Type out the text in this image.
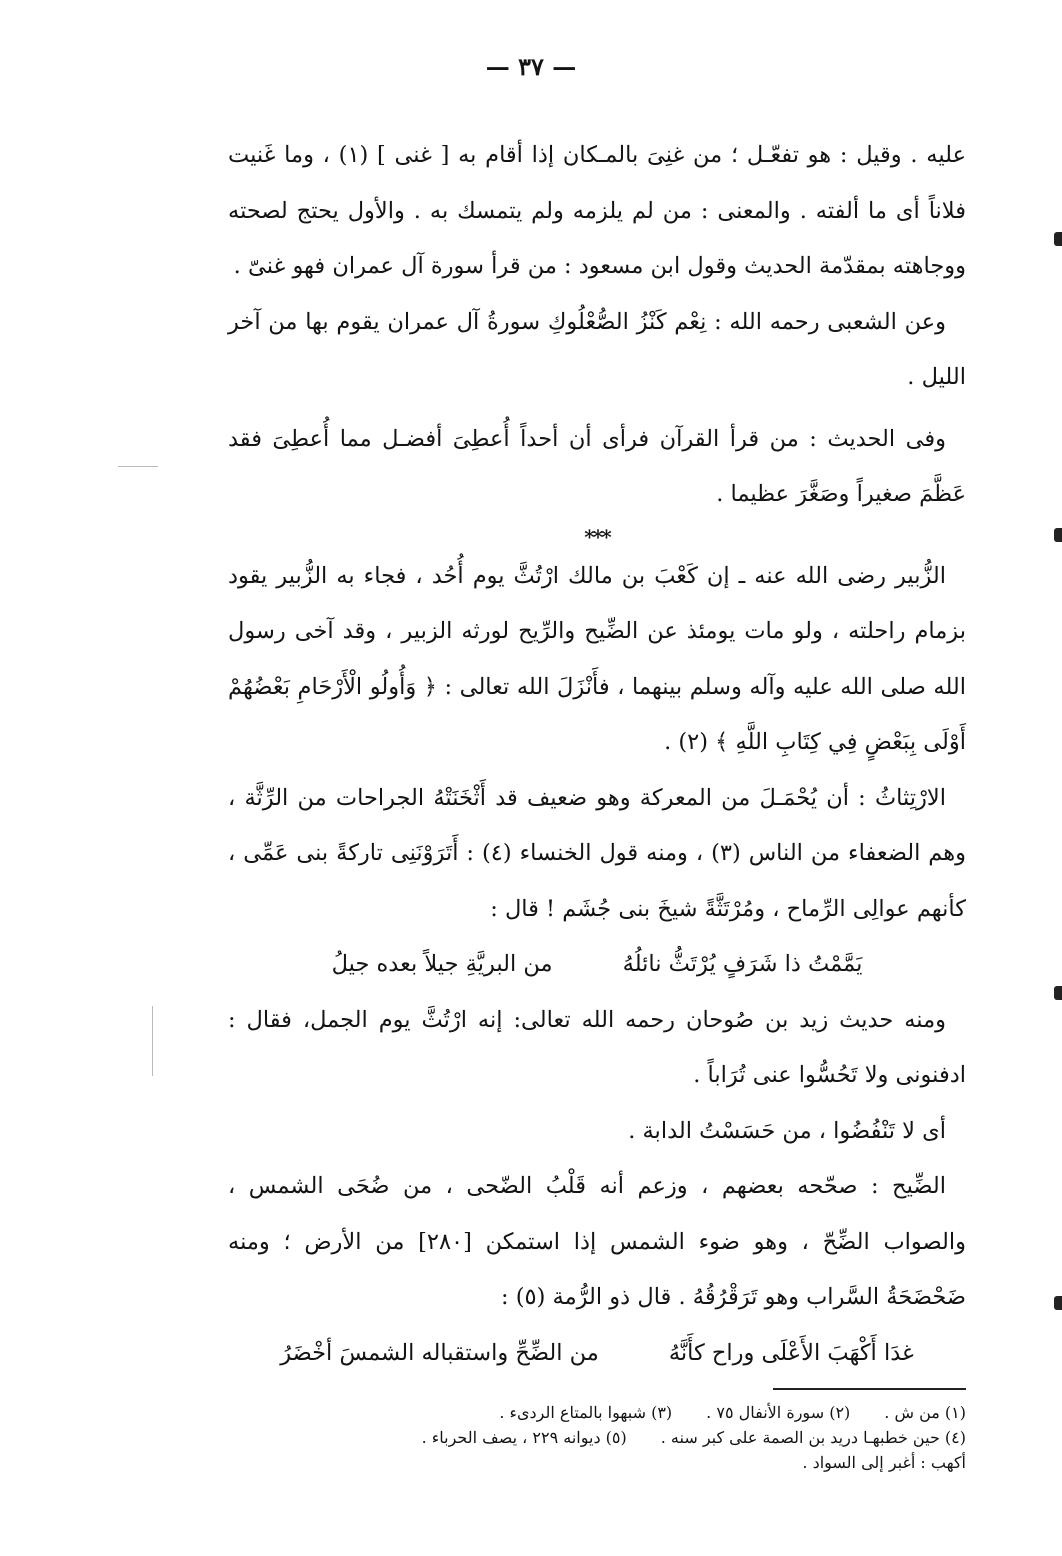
— ٣٧ —

عليه . وقيل : هو تفعّـل ؛ من غنِىَ بالمـكان إذا أقام به [ غنى ] (١) ، وما غَنيت فلاناً أى ما ألفته . والمعنى : من لم يلزمه ولم يتمسك به . والأول يحتج لصحته ووجاهته بمقدّمة الحديث وقول ابن مسعود : من قرأ سورة آل عمران فهو غنىّ .

وعن الشعبى رحمه الله : نِعْم كَنْزُ الصُّعْلُوكِ سورةُ آل عمران يقوم بها من آخر الليل .

وفى الحديث : من قرأ القرآن فرأى أن أحداً أُعطِىَ أفضـل مما أُعطِىَ فقد عَظَّمَ صغيراً وصَغَّرَ عظيما .

***

الزُّبير رضى الله عنه ـ إن كَعْبَ بن مالك ارْتُثَّ يوم أُحُد ، فجاء به الزُّبير يقود بزمام راحلته ، ولو مات يومئذ عن الضِّيح والرِّيح لورثه الزبير ، وقد آخى رسول الله صلى الله عليه وآله وسلم بينهما ، فأَنْزَلَ الله تعالى : ﴿ وَأُولُو الْأَرْحَامِ بَعْضُهُمْ أَوْلَى بِبَعْضٍ فِي كِتَابِ اللَّهِ ﴾ (٢) .

الارْتِثاثُ : أن يُحْمَـلَ من المعركة وهو ضعيف قد أَثْخَنَتْهُ الجراحات من الرِّثَّة ، وهم الضعفاء من الناس (٣) ، ومنه قول الخنساء (٤) : أَتَرَوْنَنِى تاركةً بنى عَمِّى ، كأنهم عوالِى الرِّماح ، ومُرْتَثَّةً شيخَ بنى جُشَم ! قال :

يَمَّمْتُ ذا شَرَفٍ يُرْتَثُّ نائلُهُ
من البريَّةِ جيلاً بعده جيلُ

ومنه حديث زيد بن صُوحان رحمه الله تعالى: إنه ارْتُثَّ يوم الجمل، فقال : ادفنونى ولا تَحُسُّوا عنى تُرَاباً .

أى لا تَنْفُضُوا ، من حَسَسْتُ الدابة .

الضِّيح : صحّحه بعضهم ، وزعم أنه قَلْبُ الضّحى ، من ضُحَى الشمس ، والصواب الضِّحّ ، وهو ضوء الشمس إذا استمكن [٢٨٠] من الأرض ؛ ومنه ضَحْضَحَةُ السَّراب وهو تَرَقْرُقُهُ . قال ذو الرُّمة (٥) :

غدَا أَكْهَبَ الأَعْلَى وراح كأَنَّهُ
من الضِّحِّ واستقباله الشمسَ أخْضَرُ
(١) من ش .
(٢) سورة الأنفال ٧٥ .
(٣) شبهوا بالمتاع الردىء .
(٤) حين خطبهـا دريد بن الصمة على كبر سنه .
(٥) ديوانه ٢٢٩ ، يصف الحرباء .
أكهب : أغبر إلى السواد .
